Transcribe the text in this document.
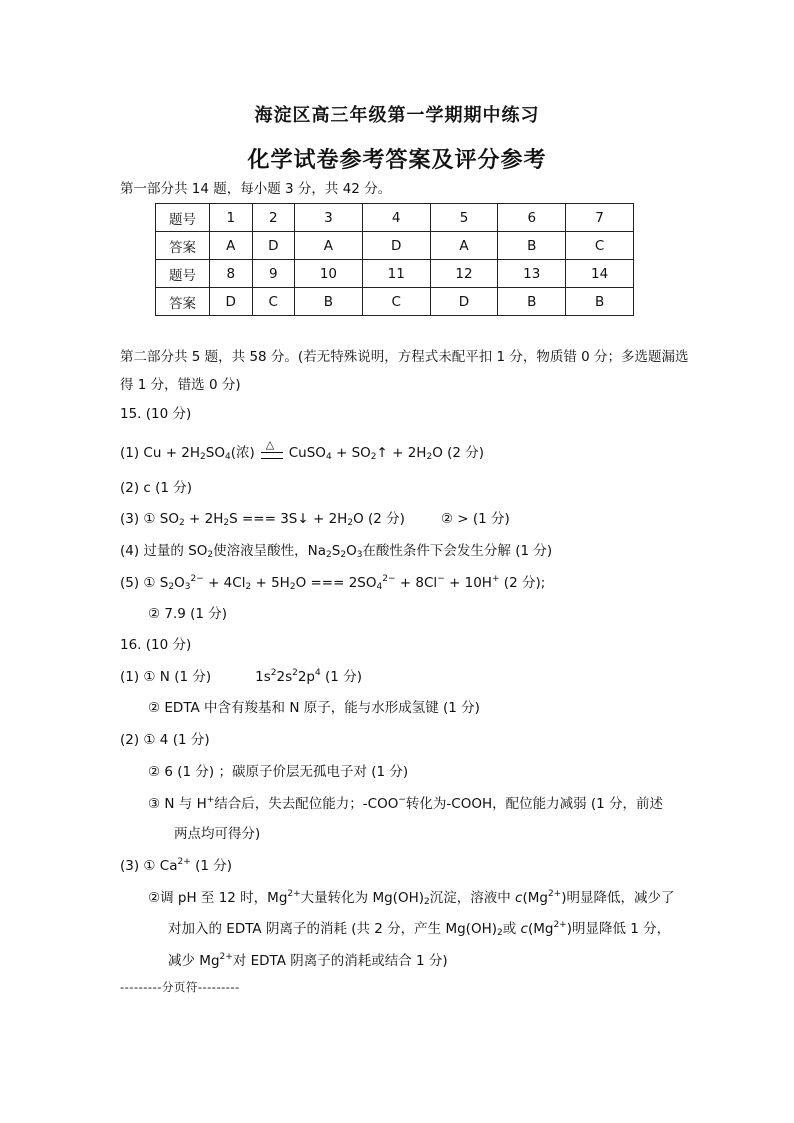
海淀区高三年级第一学期期中练习
化学试卷参考答案及评分参考
第一部分共 14 题，每小题 3 分，共 42 分。
题号	1	2	3	4	5	6	7
答案	A	D	A	D	A	B	C
题号	8	9	10	11	12	13	14
答案	D	C	B	C	D	B	B
第二部分共 5 题，共 58 分。(若无特殊说明，方程式未配平扣 1 分，物质错 0 分；多选题漏选
得 1 分，错选 0 分)
15. (10 分)
(1) $Cu + 2H_2SO_4$(浓)
△
CuSO$_4$ + $SO_2↑ + 2H_2O$ (2 分)
(2) c (1 分)
(3) ① $SO_2 + 2H_2S$ === 3S↓ + $2H_2O$ (2 分)	② > (1 分)
(4) 过量的 $SO_2$使溶液呈酸性，$Na_2S_2O_3$在酸性条件下会发生分解 (1 分)
(5) ① $S_2O_3^{2-} + 4Cl_2 + 5H_2O$ === $2SO_4^{2-} + 8Cl^- + 10H^+$ (2 分);
② 7.9 (1 分)
16. (10 分)
(1) ① N (1 分)	$1s^22s^22p^4$ (1 分)
② EDTA 中含有羧基和 N 原子，能与水形成氢键 (1 分)
(2) ① 4 (1 分)
② 6 (1 分) ；碳原子价层无孤电子对 (1 分)
③ N 与 H+结合后，失去配位能力；-COO−转化为-COOH，配位能力减弱 (1 分，前述
两点均可得分)
(3) ① $Ca^{2+}$ (1 分)
②调 pH 至 12 时，$Mg^{2+}$大量转化为 $Mg(OH)_2$沉淀，溶液中 $c(Mg^{2+})$明显降低，减少了
对加入的 EDTA 阴离子的消耗 (共 2 分，产生 $Mg(OH)_2$或 $c(Mg^{2+})$明显降低 1 分，
减少 $Mg^{2+}$对 EDTA 阴离子的消耗或结合 1 分)
---------分页符---------
